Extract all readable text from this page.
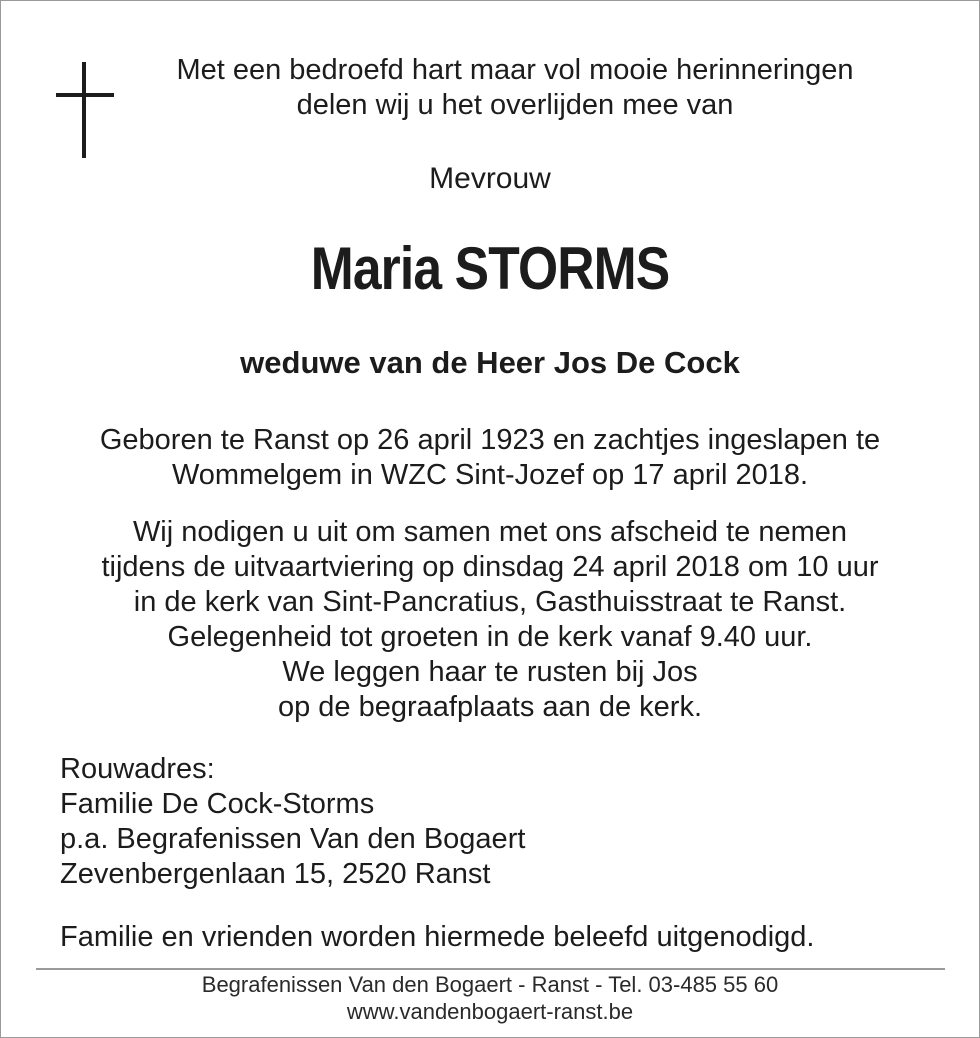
Met een bedroefd hart maar vol mooie herinneringen
delen wij u het overlijden mee van
Mevrouw
Maria STORMS
weduwe van de Heer Jos De Cock
Geboren te Ranst op 26 april 1923 en zachtjes ingeslapen te
Wommelgem in WZC Sint-Jozef op 17 april 2018.
Wij nodigen u uit om samen met ons afscheid te nemen
tijdens de uitvaartviering op dinsdag 24 april 2018 om 10 uur
in de kerk van Sint-Pancratius, Gasthuisstraat te Ranst.
Gelegenheid tot groeten in de kerk vanaf 9.40 uur.
We leggen haar te rusten bij Jos
op de begraafplaats aan de kerk.
Rouwadres:
Familie De Cock-Storms
p.a. Begrafenissen Van den Bogaert
Zevenbergenlaan 15, 2520 Ranst
Familie en vrienden worden hiermede beleefd uitgenodigd.
Begrafenissen Van den Bogaert - Ranst - Tel. 03-485 55 60
www.vandenbogaert-ranst.be
